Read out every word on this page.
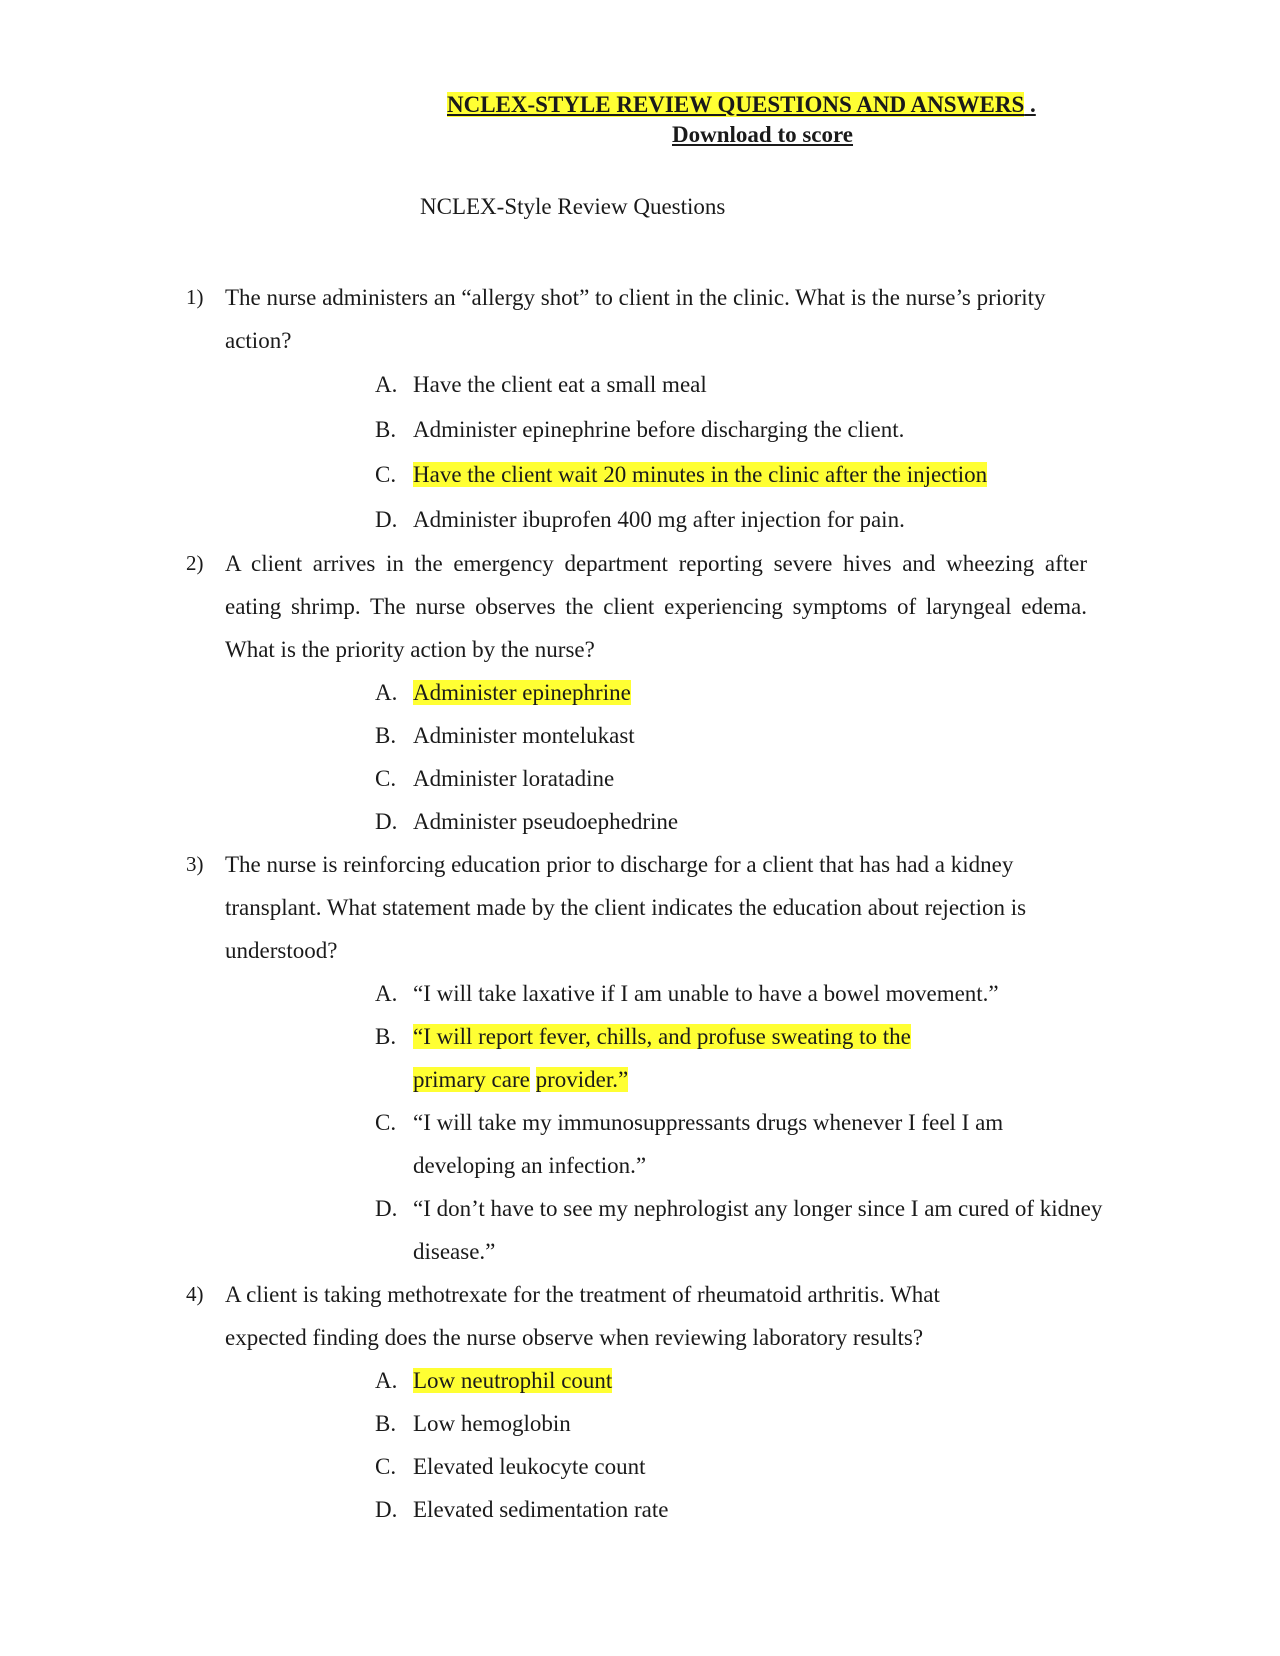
NCLEX-STYLE REVIEW QUESTIONS AND ANSWERS .
Download to score
NCLEX-Style Review Questions
1) The nurse administers an “allergy shot” to client in the clinic. What is the nurse’s priority action?

A. Have the client eat a small meal
B. Administer epinephrine before discharging the client.
C. Have the client wait 20 minutes in the clinic after the injection
D. Administer ibuprofen 400 mg after injection for pain.
2) A client arrives in the emergency department reporting severe hives and wheezing after eating shrimp. The nurse observes the client experiencing symptoms of laryngeal edema. What is the priority action by the nurse?

A. Administer epinephrine
B. Administer montelukast
C. Administer loratadine
D. Administer pseudoephedrine
3) The nurse is reinforcing education prior to discharge for a client that has had a kidney transplant. What statement made by the client indicates the education about rejection is understood?

A. “I will take laxative if I am unable to have a bowel movement.”
B. “I will report fever, chills, and profuse sweating to the
primary care provider.”
C. “I will take my immunosuppressants drugs whenever I feel I am developing an infection.”
D. “I don’t have to see my nephrologist any longer since I am cured of kidney disease.”
4) A client is taking methotrexate for the treatment of rheumatoid arthritis. What expected finding does the nurse observe when reviewing laboratory results?

A. Low neutrophil count
B. Low hemoglobin
C. Elevated leukocyte count
D. Elevated sedimentation rate
